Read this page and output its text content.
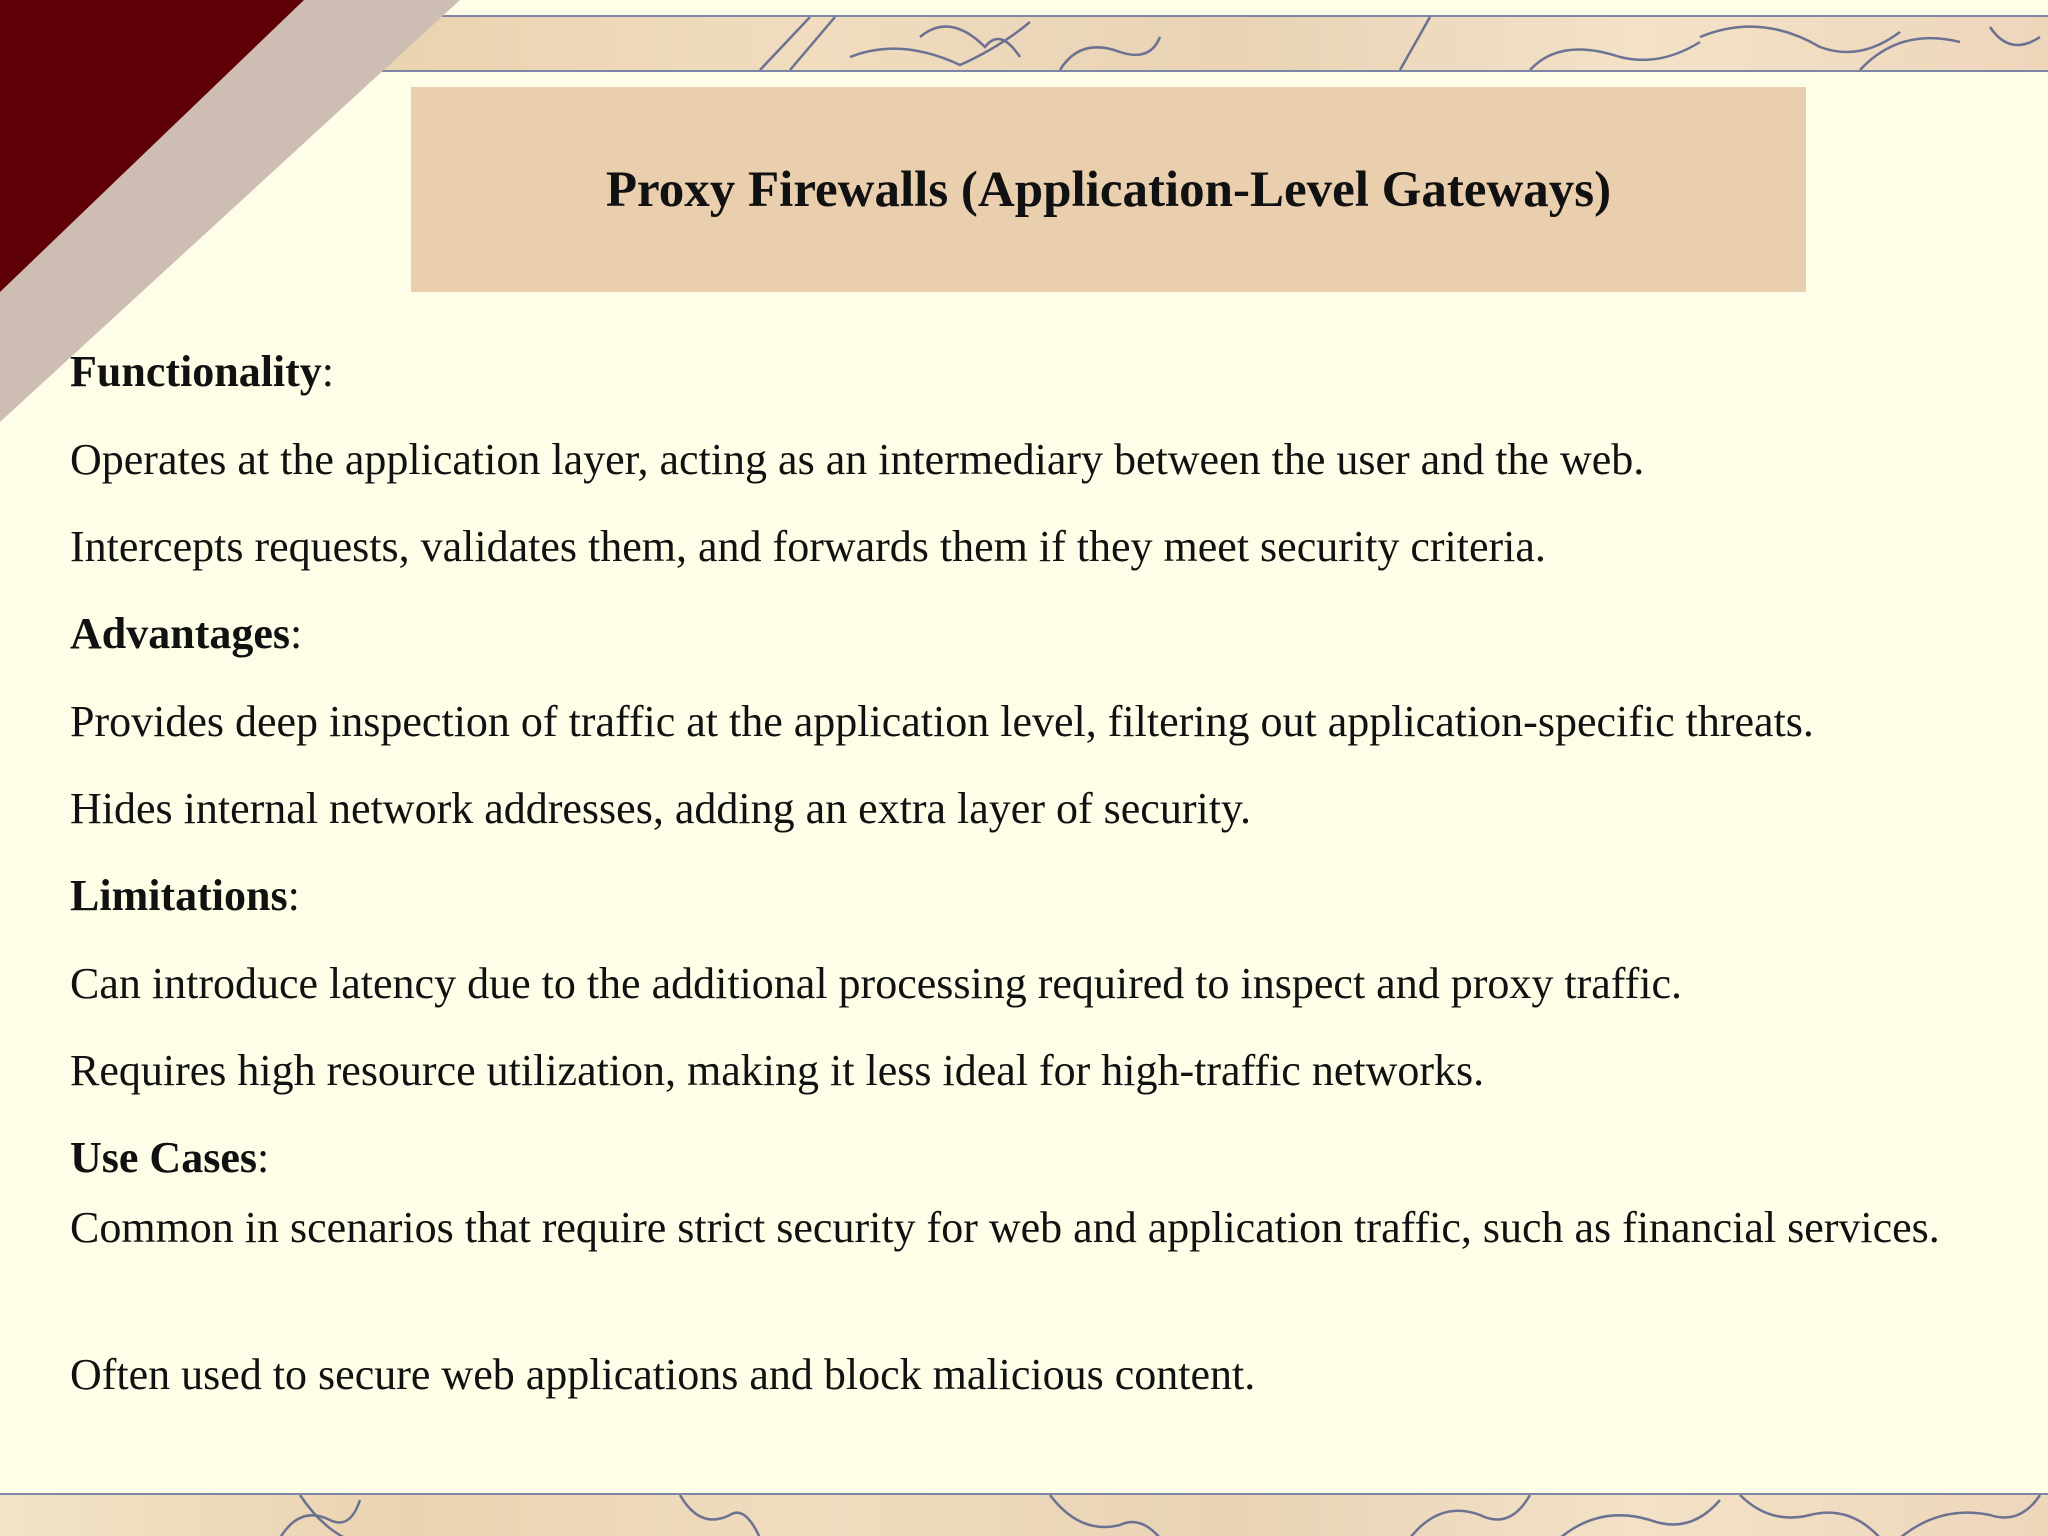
Proxy Firewalls (Application-Level Gateways)
Functionality:
Operates at the application layer, acting as an intermediary between the user and the web.
Intercepts requests, validates them, and forwards them if they meet security criteria.
Advantages:
Provides deep inspection of traffic at the application level, filtering out application-specific threats.
Hides internal network addresses, adding an extra layer of security.
Limitations:
Can introduce latency due to the additional processing required to inspect and proxy traffic.
Requires high resource utilization, making it less ideal for high-traffic networks.
Use Cases:
Common in scenarios that require strict security for web and application traffic, such as financial services.
Often used to secure web applications and block malicious content.
